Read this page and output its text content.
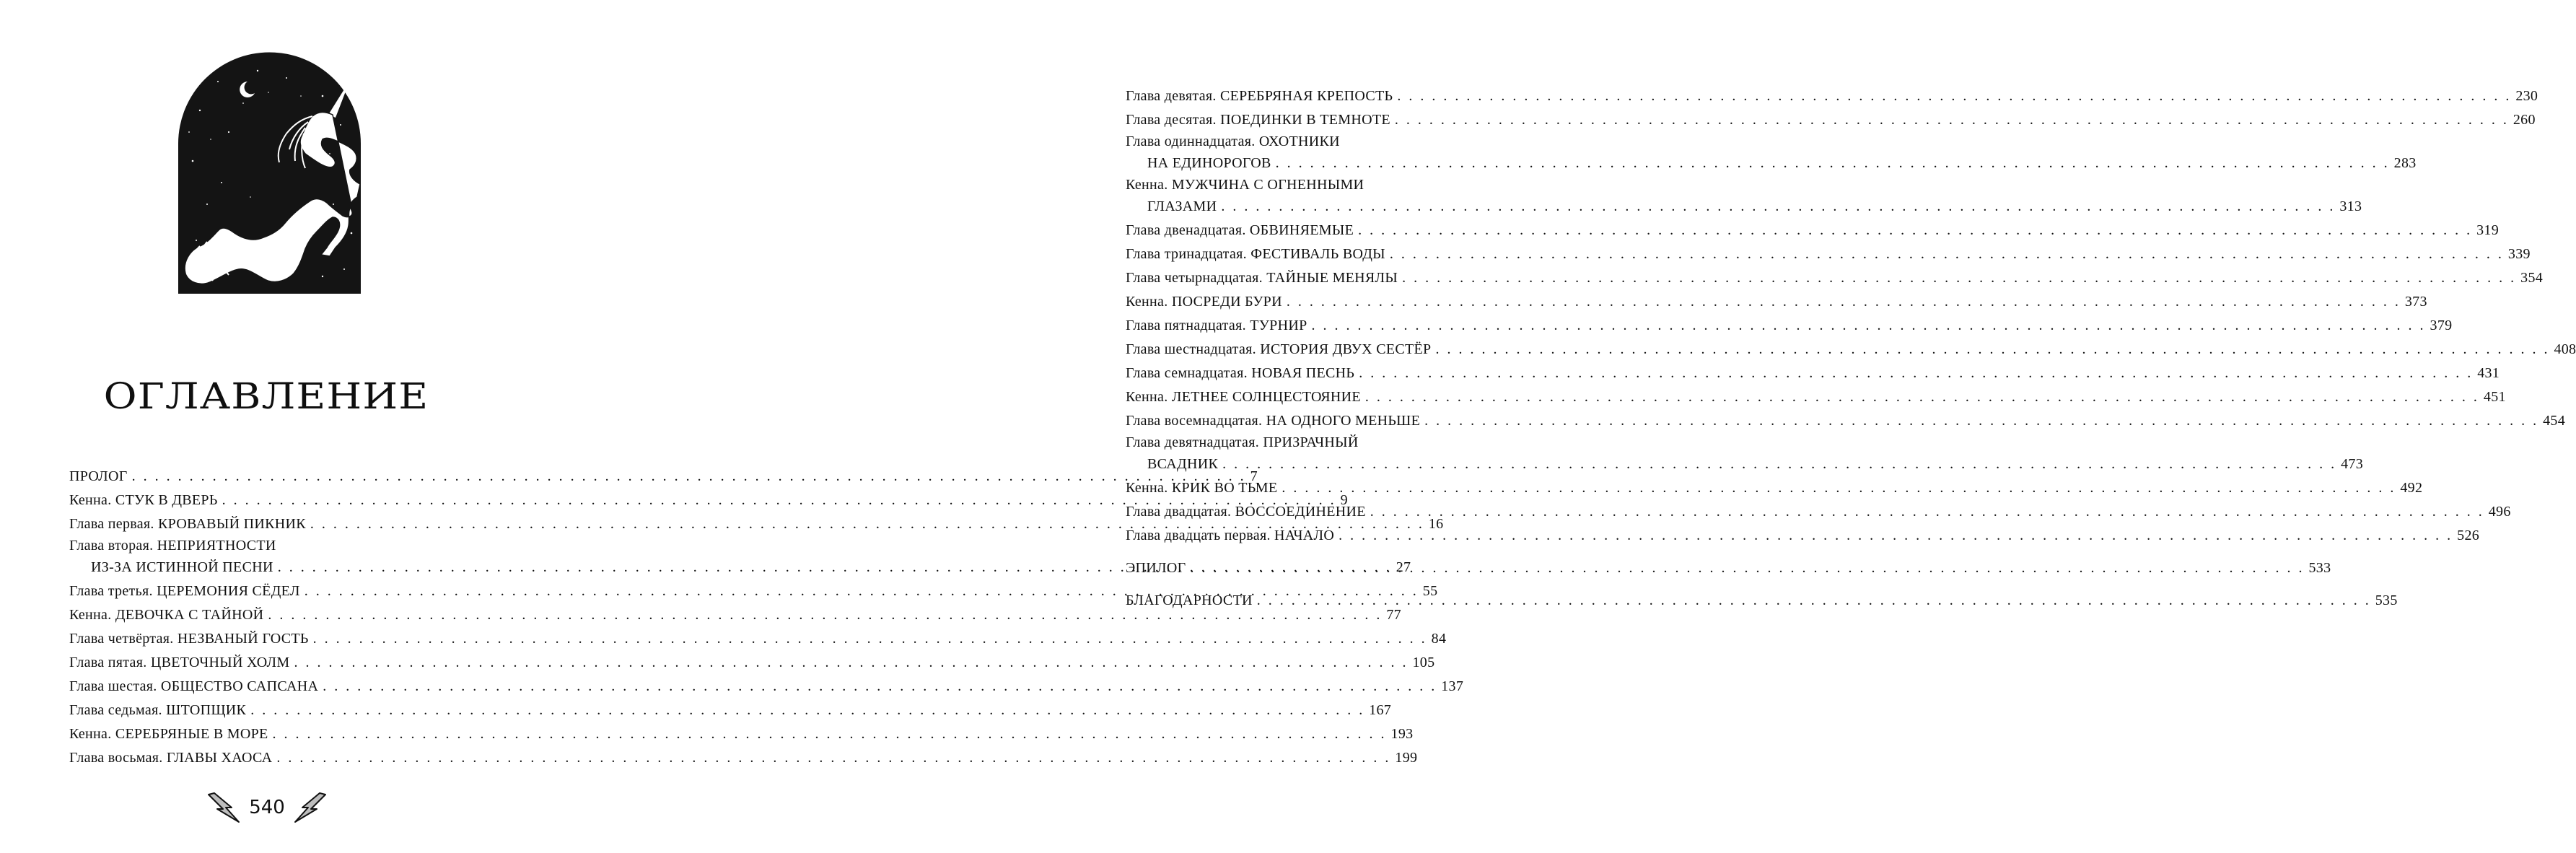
ОГЛАВЛЕНИЕ
ПРОЛОГ . . .	7
Кенна. СТУК В ДВЕРЬ . . .	9
Глава первая. КРОВАВЫЙ ПИКНИК . . .	16
Глава вторая. НЕПРИЯТНОСТИ
ИЗ-ЗА ИСТИННОЙ ПЕСНИ . . .	27
Глава третья. ЦЕРЕМОНИЯ СЁДЕЛ . . .	55
Кенна. ДЕВОЧКА С ТАЙНОЙ . . .	77
Глава четвёртая. НЕЗВАНЫЙ ГОСТЬ . . .	84
Глава пятая. ЦВЕТОЧНЫЙ ХОЛМ . . .	105
Глава шестая. ОБЩЕСТВО САПСАНА . . .	137
Глава седьмая. ШТОПЩИК . . .	167
Кенна. СЕРЕБРЯНЫЕ В МОРЕ . . .	193
Глава восьмая. ГЛАВЫ ХАОСА . . .	199
540
Глава девятая. СЕРЕБРЯНАЯ КРЕПОСТЬ . . .	230
Глава десятая. ПОЕДИНКИ В ТЕМНОТЕ . . .	260
Глава одиннадцатая. ОХОТНИКИ
НА ЕДИНОРОГОВ . . .	283
Кенна. МУЖЧИНА С ОГНЕННЫМИ
ГЛАЗАМИ . . .	313
Глава двенадцатая. ОБВИНЯЕМЫЕ . . .	319
Глава тринадцатая. ФЕСТИВАЛЬ ВОДЫ . . .	339
Глава четырнадцатая. ТАЙНЫЕ МЕНЯЛЫ . . .	354
Кенна. ПОСРЕДИ БУРИ . . .	373
Глава пятнадцатая. ТУРНИР . . .	379
Глава шестнадцатая. ИСТОРИЯ ДВУХ СЕСТЁР . . .	408
Глава семнадцатая. НОВАЯ ПЕСНЬ . . .	431
Кенна. ЛЕТНЕЕ СОЛНЦЕСТОЯНИЕ . . .	451
Глава восемнадцатая. НА ОДНОГО МЕНЬШЕ . . .	454
Глава девятнадцатая. ПРИЗРАЧНЫЙ
ВСАДНИК . . .	473
Кенна. КРИК ВО ТЬМЕ . . .	492
Глава двадцатая. ВОССОЕДИНЕНИЕ . . .	496
Глава двадцать первая. НАЧАЛО . . .	526
ЭПИЛОГ . . .	533
БЛАГОДАРНОСТИ . . .	535
